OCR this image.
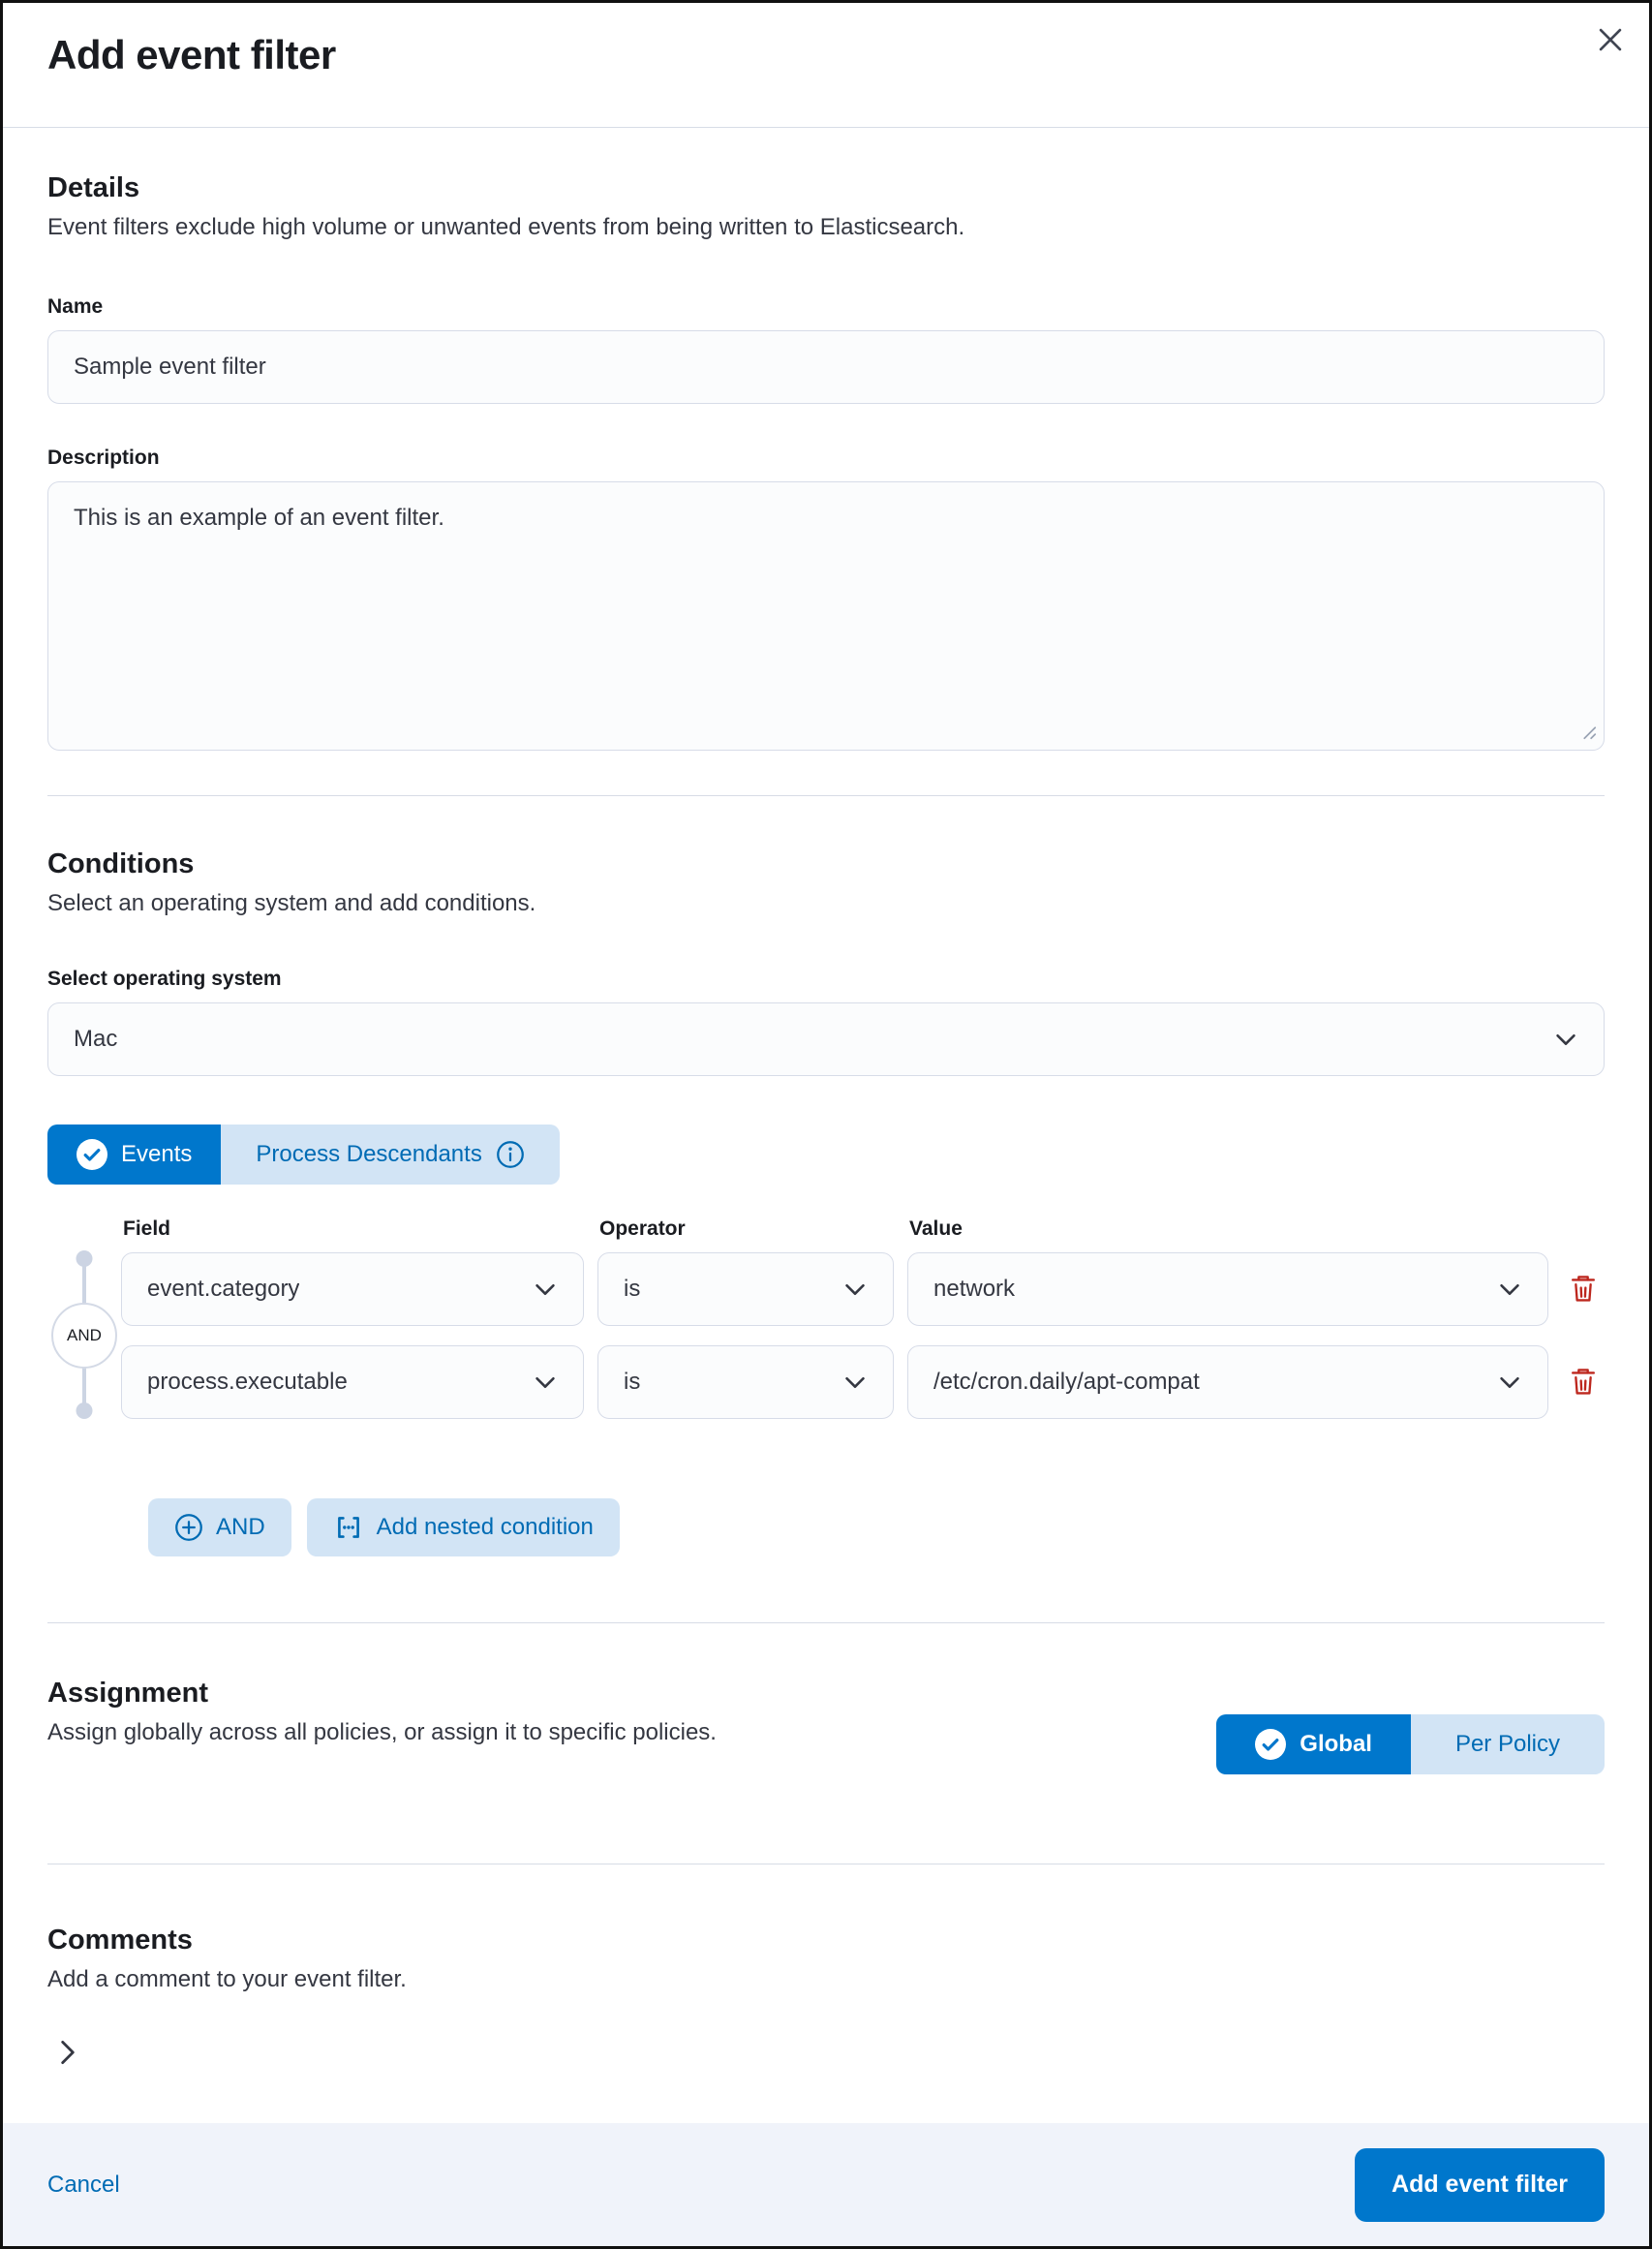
Add event filter
Details

Event filters exclude high volume or unwanted events from being written to Elasticsearch.

Name
Sample event filter
Description
This is an example of an event filter.
Conditions

Select an operating system and add conditions.

Select operating system
Mac
Events	Process Descendants
Field	Operator	Value
AND
event.category	is	network
process.executable	is	/etc/cron.daily/apt-compat
AND	Add nested condition
Assignment

Assign globally across all policies, or assign it to specific policies.	Global	Per Policy
Comments

Add a comment to your event filter.

Cancel	Add event filter
